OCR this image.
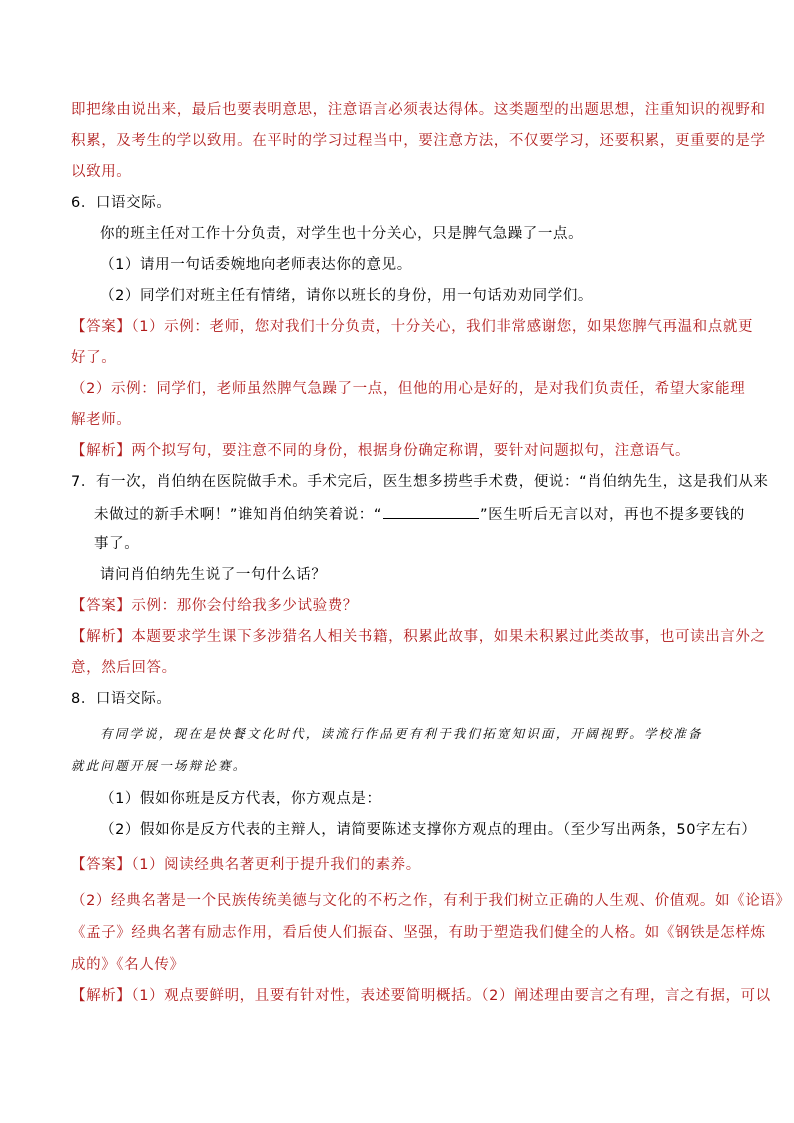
即把缘由说出来，最后也要表明意思，注意语言必须表达得体。这类题型的出题思想，注重知识的视野和
积累，及考生的学以致用。在平时的学习过程当中，要注意方法，不仅要学习，还要积累，更重要的是学
以致用。
6．口语交际。
你的班主任对工作十分负责，对学生也十分关心，只是脾气急躁了一点。
（1）请用一句话委婉地向老师表达你的意见。
（2）同学们对班主任有情绪，请你以班长的身份，用一句话劝劝同学们。
【答案】（1）示例：老师，您对我们十分负责，十分关心，我们非常感谢您，如果您脾气再温和点就更
好了。
（2）示例：同学们，老师虽然脾气急躁了一点，但他的用心是好的，是对我们负责任，希望大家能理
解老师。
【解析】两个拟写句，要注意不同的身份，根据身份确定称谓，要针对问题拟句，注意语气。
7．有一次，肖伯纳在医院做手术。手术完后，医生想多捞些手术费，便说：“肖伯纳先生，这是我们从来
未做过的新手术啊！”谁知肖伯纳笑着说：“	”医生听后无言以对，再也不提多要钱的
事了。
请问肖伯纳先生说了一句什么话？
【答案】示例：那你会付给我多少试验费？
【解析】本题要求学生课下多涉猎名人相关书籍，积累此故事，如果未积累过此类故事，也可读出言外之
意，然后回答。
8．口语交际。
有同学说，现在是快餐文化时代，读流行作品更有利于我们拓宽知识面，开阔视野。学校准备
就此问题开展一场辩论赛。
（1）假如你班是反方代表，你方观点是：
（2）假如你是反方代表的主辩人，请简要陈述支撑你方观点的理由。（至少写出两条，50字左右）
【答案】（1）阅读经典名著更利于提升我们的素养。
（2）经典名著是一个民族传统美德与文化的不朽之作，有利于我们树立正确的人生观、价值观。如《论语》
《孟子》经典名著有励志作用，看后使人们振奋、坚强，有助于塑造我们健全的人格。如《钢铁是怎样炼
成的》《名人传》
【解析】（1）观点要鲜明，且要有针对性，表述要简明概括。（2）阐述理由要言之有理，言之有据，可以
